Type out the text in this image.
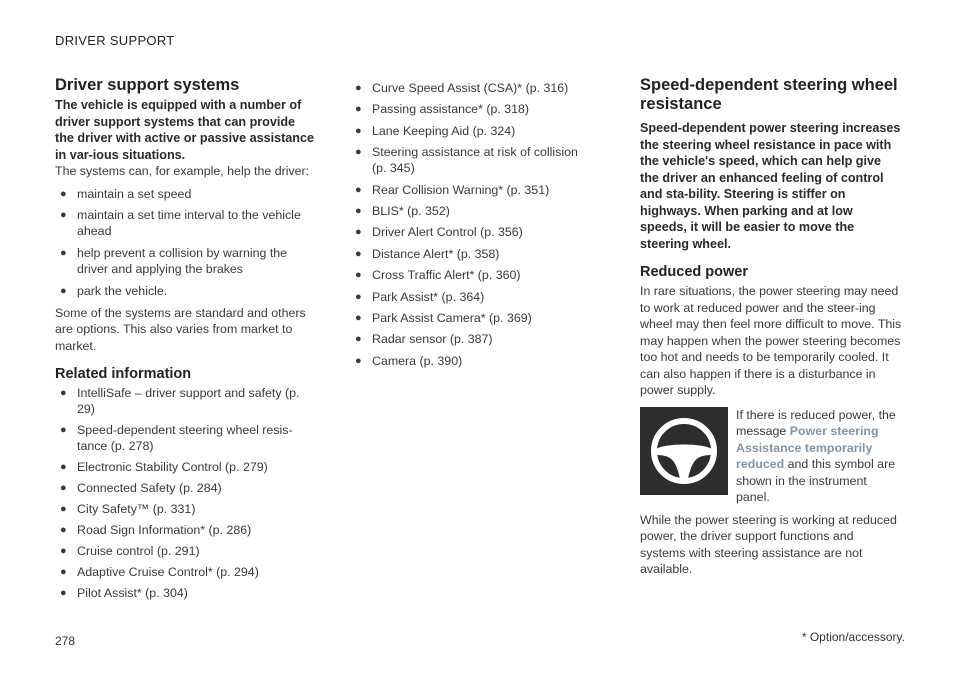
DRIVER SUPPORT
Driver support systems

The vehicle is equipped with a number of driver support systems that can provide the driver with active or passive assistance in var-ious situations.

The systems can, for example, help the driver:

● maintain a set speed
● maintain a set time interval to the vehicle ahead
● help prevent a collision by warning the driver and applying the brakes
● park the vehicle.

Some of the systems are standard and others are options. This also varies from market to market.

Related information
● IntelliSafe – driver support and safety (p. 29)
● Speed-dependent steering wheel resis-tance (p. 278)
● Electronic Stability Control (p. 279)
● Connected Safety (p. 284)
● City Safety™ (p. 331)
● Road Sign Information* (p. 286)
● Cruise control (p. 291)
● Adaptive Cruise Control* (p. 294)
● Pilot Assist* (p. 304)
● Curve Speed Assist (CSA)* (p. 316)
● Passing assistance* (p. 318)
● Lane Keeping Aid (p. 324)
● Steering assistance at risk of collision (p. 345)
● Rear Collision Warning* (p. 351)
● BLIS* (p. 352)
● Driver Alert Control (p. 356)
● Distance Alert* (p. 358)
● Cross Traffic Alert* (p. 360)
● Park Assist* (p. 364)
● Park Assist Camera* (p. 369)
● Radar sensor (p. 387)
● Camera (p. 390)
Speed-dependent steering wheel resistance

Speed-dependent power steering increases the steering wheel resistance in pace with the vehicle's speed, which can help give the driver an enhanced feeling of control and sta-bility. Steering is stiffer on highways. When parking and at low speeds, it will be easier to move the steering wheel.

Reduced power

In rare situations, the power steering may need to work at reduced power and the steer-ing wheel may then feel more difficult to move. This may happen when the power steering becomes too hot and needs to be temporarily cooled. It can also happen if there is a disturbance in power supply.

If there is reduced power, the message Power steering Assistance temporarily reduced and this symbol are shown in the instrument panel.

While the power steering is working at reduced power, the driver support functions and systems with steering assistance are not available.

278	* Option/accessory.
